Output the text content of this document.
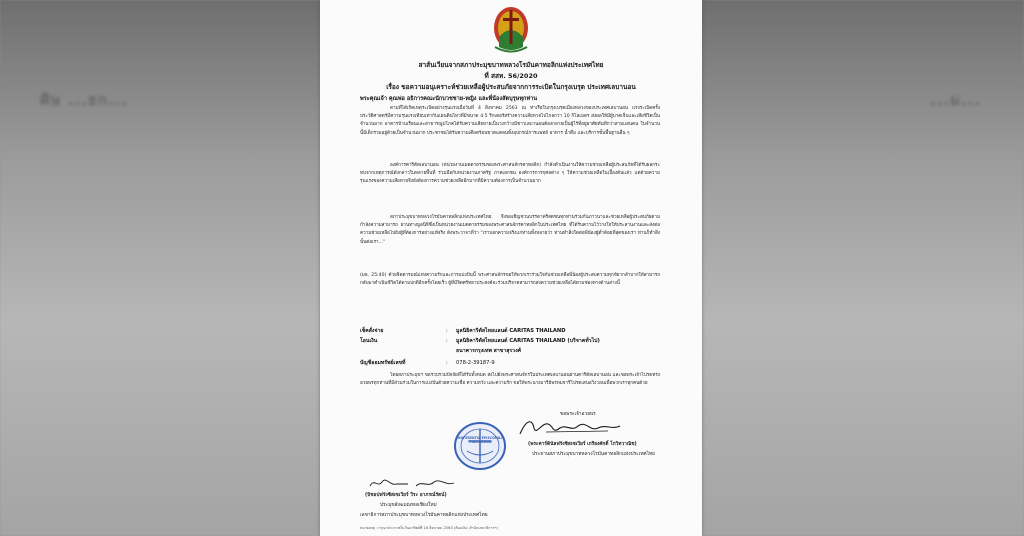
ศิษ ...ธก...	...ม...
สาส์นเวียนจากสภาประมุขบาทหลวงโรมันคาทอลิกแห่งประเทศไทย
ที่ สสท. 56/2020
เรื่อง ขอความอนุเคราะห์ช่วยเหลือผู้ประสบภัยจากการระเบิดในกรุงเบรุต ประเทศเลบานอน
พระคุณเจ้า คุณพ่อ อธิการคณะนักบวชชาย-หญิง และพี่น้องสัตบุรุษทุกท่าน
ตามที่ได้เกิดเหตุระเบิดอย่างรุนแรงเมื่อวันที่ 4 สิงหาคม 2563 ณ ท่าเรือในกรุงเบรุตเมืองหลวงของประเทศเลบานอน แรงระเบิดครั้งประวัติศาสตร์มีความรุนแรงเทียบเท่ากับแผ่นดินไหวที่มีขนาด 4.5 ริกเตอร์สร้างความเสียหายไปไกลกว่า 10 กิโลเมตร ส่งผลให้มีผู้บาดเจ็บและเสียชีวิตเป็นจำนวนมาก อาคารบ้านเรือนและสาธารณูปโภคได้รับความเสียหายเป็นวงกว้างมีชาวเลบานอนต้องกลายเป็นผู้ไร้ที่อยู่อาศัยทันทีกว่าสามแสนคน ในจำนวนนี้มีเด็กรวมอยู่ด้วยเป็นจำนวนมาก ประชาชนได้รับความเดือดร้อนขาดแคลนทั้งอุปกรณ์การแพทย์ อาหาร น้ำดื่ม และบริการขั้นพื้นฐานอื่น ๆ
องค์การคาริตัสเลบานอน (หน่วยงานเมตตาธรรมของพระศาสนจักรคาทอลิก) กำลังดำเนินงานให้ความช่วยเหลือผู้ประสบภัยที่ได้รับผลกระทบจากเหตุการณ์ดังกล่าวในหลายพื้นที่ ร่วมมือกับหน่วยงานภาครัฐ ภาคเอกชน องค์การการกุศลต่าง ๆ ให้ความช่วยเหลือในเบื้องต้นแล้ว แต่ด้วยความรุนแรงของความเสียหายจึงยังต้องการความช่วยเหลืออีกมากที่มีความต้องการเป็นจำนวนมาก
สภาประมุขบาทหลวงโรมันคาทอลิกแห่งประเทศไทย จึงขอเชิญชวนบรรดาคริสตชนทุกท่านร่วมกันภาวนาและช่วยเหลือผู้ประสบภัยตามกำลังความสามารถ ผ่านทางมูลนิธิซึ่งเป็นหน่วยงานเมตตาธรรมของพระศาสนจักรคาทอลิกในประเทศไทย ที่ได้รับความไว้วางใจให้ประสานงานและส่งต่อความช่วยเหลือไปยังผู้ที่ต้องการอย่างแท้จริง ดังพระวาจาที่ว่า "เราบอกความจริงแก่ท่านทั้งหลายว่า ท่านทำสิ่งใดต่อพี่น้องผู้ต่ำต้อยที่สุดของเรา ท่านก็ทำสิ่งนั้นต่อเรา..."
(มธ. 25:40) ด้วยจิตตารมณ์แห่งความรักและการแบ่งปันนี้ พระศาสนจักรขอให้พวกเราร่วมใจกันช่วยเหลือพี่น้องผู้ประสบความทุกข์ยากลำบากให้สามารถกลับมาดำเนินชีวิตได้ตามปกติอีกครั้งโดยเร็ว ผู้ที่มีจิตศรัทธาประสงค์จะร่วมบริจาคสามารถส่งความช่วยเหลือได้ตามช่องทางด้านล่างนี้
เช็คสั่งจ่าย	: มูลนิธิคาริตัสไทยแลนด์ CARITAS THAILAND
โอนเงิน	: มูลนิธิคาริตัสไทยแลนด์ CARITAS THAILAND (บริจาคทั่วไป)
ธนาคารกรุงเทพ สาขาสุรวงศ์
บัญชีออมทรัพย์เลขที่	: 078-2-39187-9
โดยสภาประมุขฯ ขอรวบรวมปัจจัยที่ได้รับทั้งหมด ส่งไปยังพระศาสนจักรในประเทศเลบานอนผ่านคาริตัสเลบานอน และขอพระเจ้าโปรดทรงอวยพรทุกท่านที่มีส่วนร่วมในการแบ่งปันด้วยความเชื่อ ความหวัง และความรัก ขอให้พระนางมารีย์พรหมจารีโปรดเสนอวิงวอนเพื่อพวกเราทุกคนด้วย
ขอพระเจ้าอวยพร
(พระคาร์ดินัลฟรังซิสเซเวียร์ เกรียงศักดิ์ โกวิทวาณิช)
ประธานสภาประมุขบาทหลวงโรมันคาทอลิกแห่งประเทศไทย
CONFERENTIA EPISCOPALIS THAILANDIAE
(บิชอปฟรังซิสเซเวียร์ วีระ อาภรณ์รัตน์)
ประมุขสังฆมณฑลเชียงใหม่
เลขาธิการสภาประมุขบาทหลวงโรมันคาทอลิกแห่งประเทศไทย
หมายเหตุ : กรุณาประกาศในวันอาทิตย์ที่ 16 สิงหาคม 2563 (ต้นฉบับ: สำนักเลขาธิการฯ)
